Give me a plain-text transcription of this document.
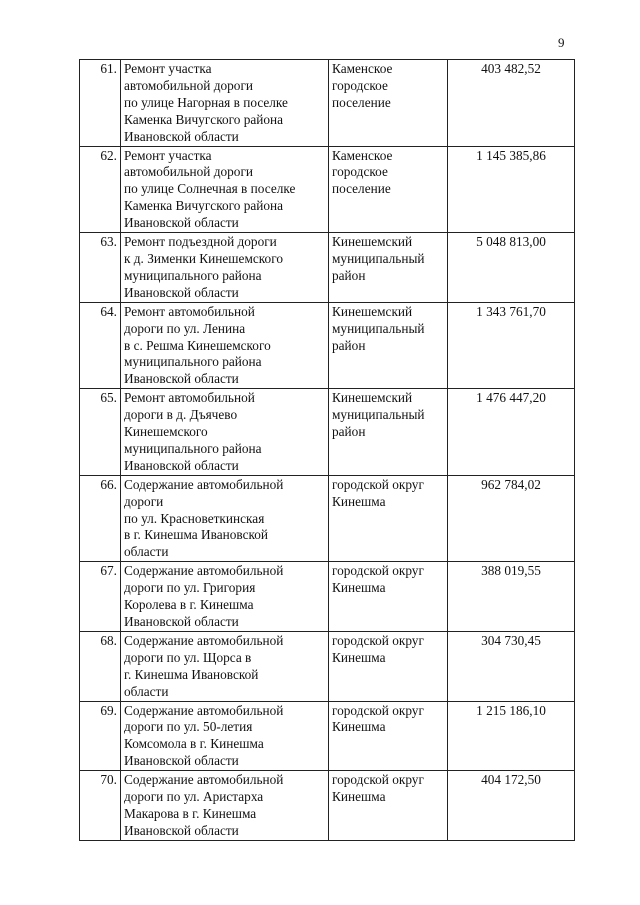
9
61.	Ремонт участка
автомобильной дороги
по улице Нагорная в поселке
Каменка Вичугского района
Ивановской области	Каменское
городское
поселение	403 482,52
62.	Ремонт участка
автомобильной дороги
по улице Солнечная в поселке
Каменка Вичугского района
Ивановской области	Каменское
городское
поселение	1 145 385,86
63.	Ремонт подъездной дороги
к д. Зименки Кинешемского
муниципального района
Ивановской области	Кинешемский
муниципальный
район	5 048 813,00
64.	Ремонт автомобильной
дороги по ул. Ленина
в с. Решма Кинешемского
муниципального района
Ивановской области	Кинешемский
муниципальный
район	1 343 761,70
65.	Ремонт автомобильной
дороги в д. Дъячево
Кинешемского
муниципального района
Ивановской области	Кинешемский
муниципальный
район	1 476 447,20
66.	Содержание автомобильной
дороги
по ул. Красноветкинская
в г. Кинешма Ивановской
области	городской округ
Кинешма	962 784,02
67.	Содержание автомобильной
дороги по ул. Григория
Королева в г. Кинешма
Ивановской области	городской округ
Кинешма	388 019,55
68.	Содержание автомобильной
дороги по ул. Щорса в
г. Кинешма Ивановской
области	городской округ
Кинешма	304 730,45
69.	Содержание автомобильной
дороги по ул. 50-летия
Комсомола в г. Кинешма
Ивановской области	городской округ
Кинешма	1 215 186,10
70.	Содержание автомобильной
дороги по ул. Аристарха
Макарова в г. Кинешма
Ивановской области	городской округ
Кинешма	404 172,50
